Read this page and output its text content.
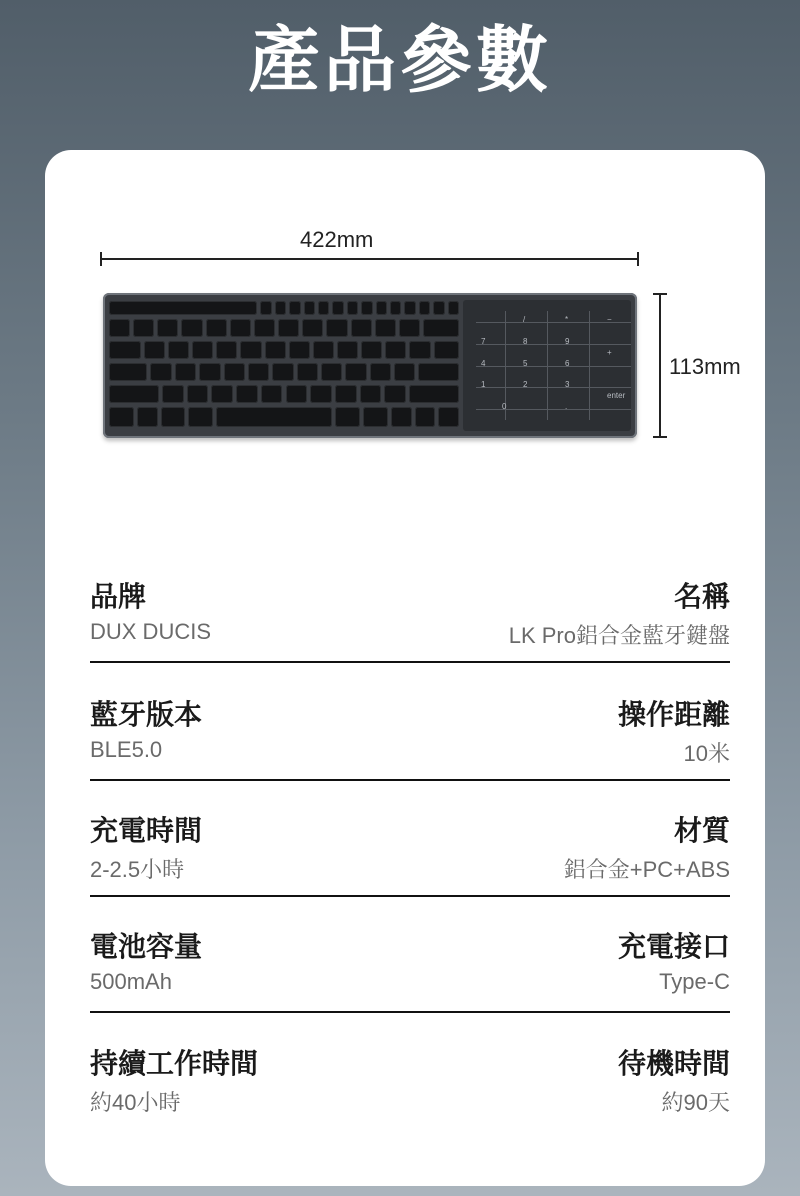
產品參數
422mm
113mm
7	8	9
4	5	6
1	2	3
0	.
/	*	−
+
enter
品牌	名稱
DUX DUCIS	LK Pro鋁合金藍牙鍵盤
藍牙版本	操作距離
BLE5.0	10米
充電時間	材質
2-2.5小時	鋁合金+PC+ABS
電池容量	充電接口
500mAh	Type-C
持續工作時間	待機時間
約40小時	約90天
